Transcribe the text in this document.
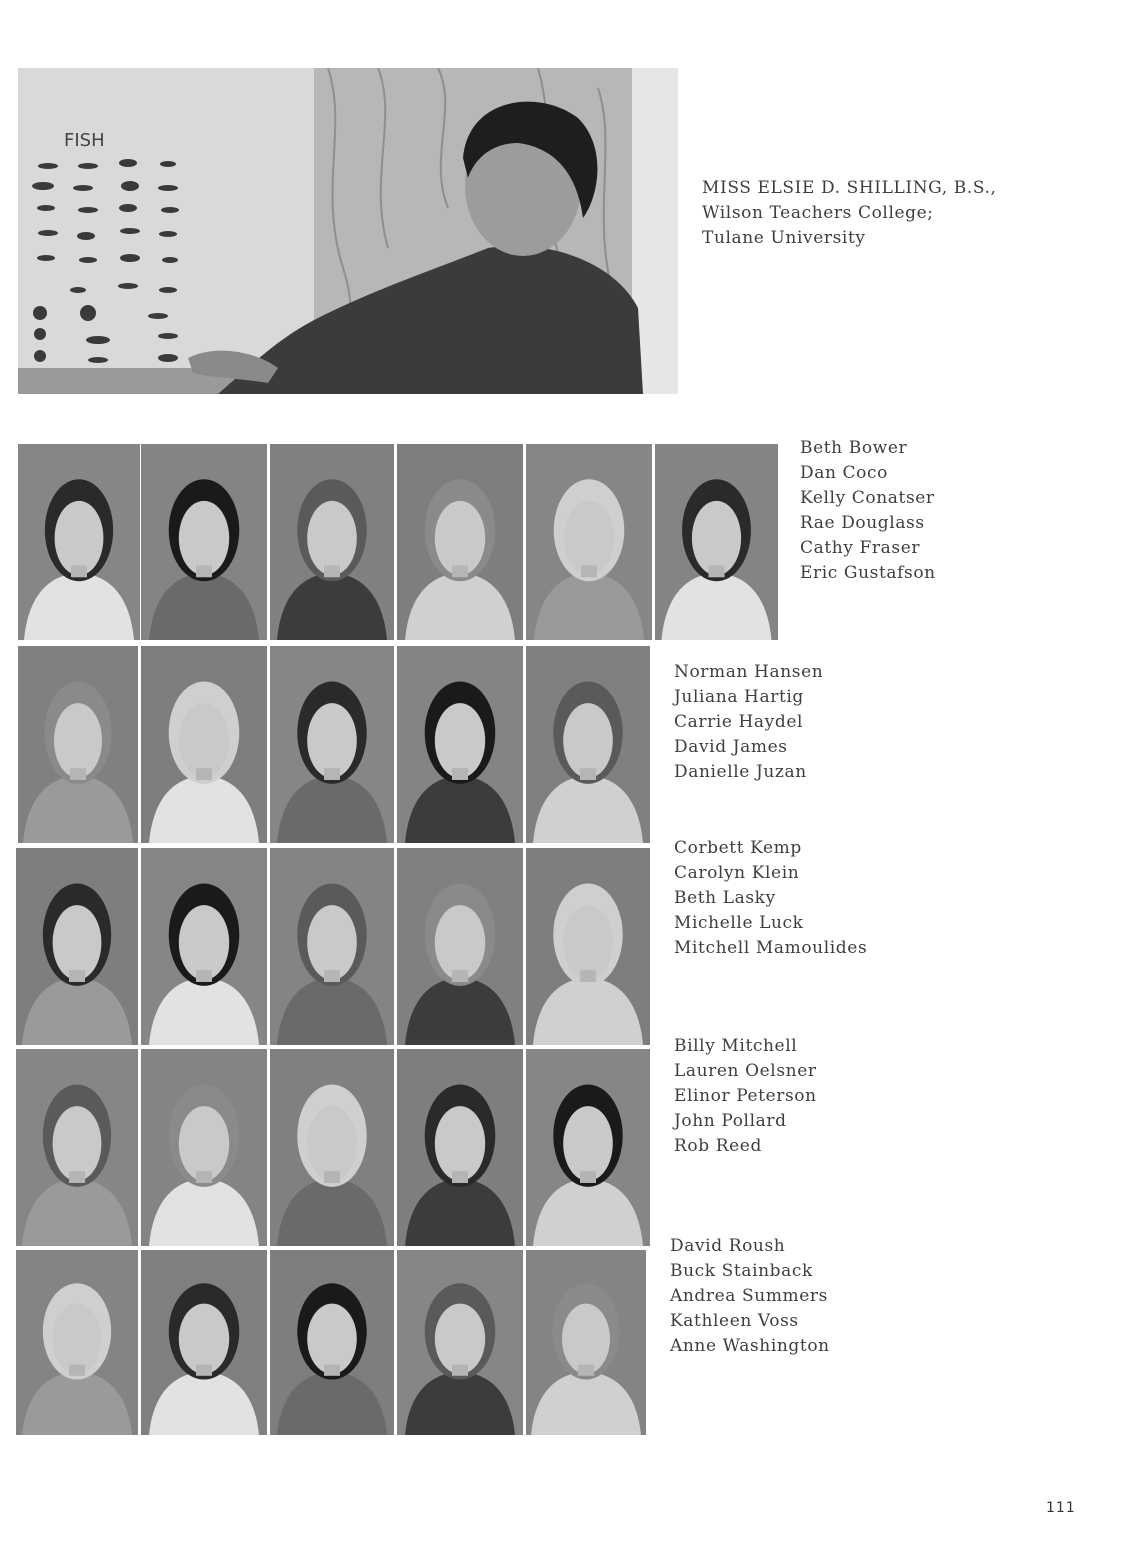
FISH
MISS ELSIE D. SHILLING, B.S.,
Wilson Teachers College;
Tulane University
Beth Bower
Dan Coco
Kelly Conatser
Rae Douglass
Cathy Fraser
Eric Gustafson
Norman Hansen
Juliana Hartig
Carrie Haydel
David James
Danielle Juzan
Corbett Kemp
Carolyn Klein
Beth Lasky
Michelle Luck
Mitchell Mamoulides
Billy Mitchell
Lauren Oelsner
Elinor Peterson
John Pollard
Rob Reed
David Roush
Buck Stainback
Andrea Summers
Kathleen Voss
Anne Washington
111
